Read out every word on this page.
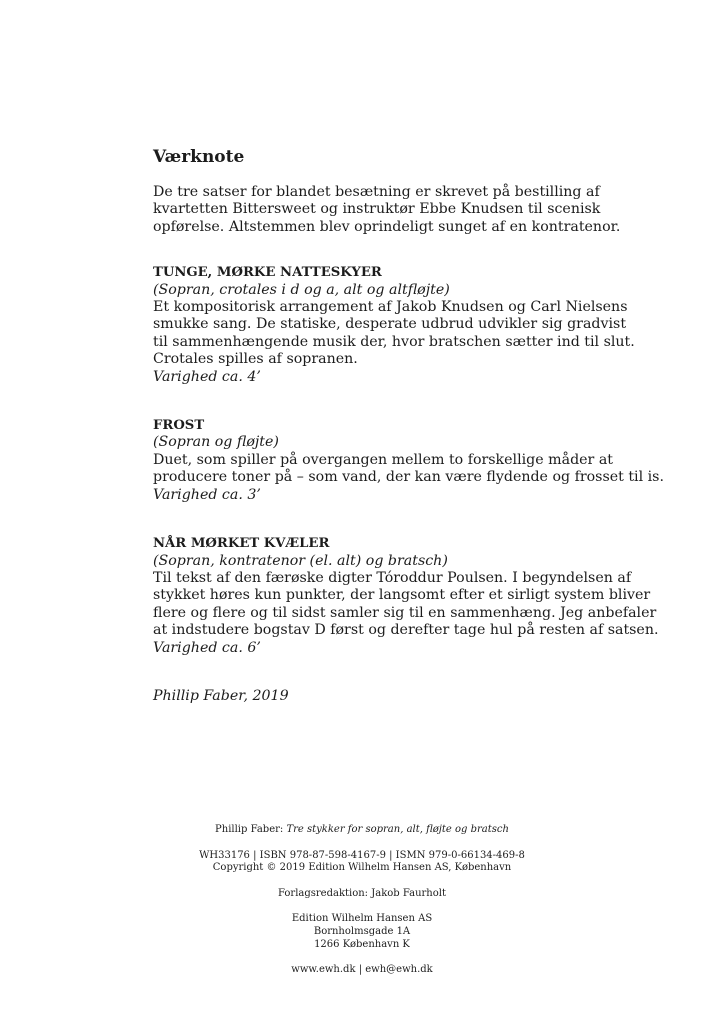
Værknote

De tre satser for blandet besætning er skrevet på bestilling af

kvartetten Bittersweet og instruktør Ebbe Knudsen til scenisk

opførelse. Altstemmen blev oprindeligt sunget af en kontratenor.

TUNGE, MØRKE NATTESKYER

(Sopran, crotales i d og a, alt og altfløjte)

Et kompositorisk arrangement af Jakob Knudsen og Carl Nielsens

smukke sang. De statiske, desperate udbrud udvikler sig gradvist

til sammenhængende musik der, hvor bratschen sætter ind til slut.

Crotales spilles af sopranen.

Varighed ca. 4’

FROST

(Sopran og fløjte)

Duet, som spiller på overgangen mellem to forskellige måder at

producere toner på – som vand, der kan være flydende og frosset til is.

Varighed ca. 3’

NÅR MØRKET KVÆLER

(Sopran, kontratenor (el. alt) og bratsch)

Til tekst af den færøske digter Tóroddur Poulsen. I begyndelsen af

stykket høres kun punkter, der langsomt efter et sirligt system bliver

flere og flere og til sidst samler sig til en sammenhæng. Jeg anbefaler

at indstudere bogstav D først og derefter tage hul på resten af satsen.

Varighed ca. 6’

Phillip Faber, 2019

Phillip Faber: Tre stykker for sopran, alt, fløjte og bratsch

WH33176 | ISBN 978-87-598-4167-9 | ISMN 979-0-66134-469-8

Copyright © 2019 Edition Wilhelm Hansen AS, København

Forlagsredaktion: Jakob Faurholt

Edition Wilhelm Hansen AS

Bornholmsgade 1A

1266 København K

www.ewh.dk | ewh@ewh.dk
